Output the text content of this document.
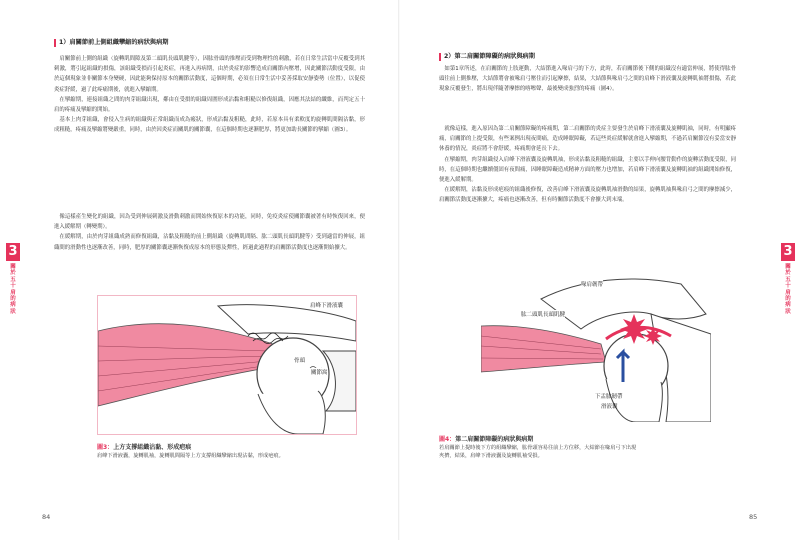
1）肩關節前上側組織攣縮的病狀與病期

肩關節前上側的組織（旋轉肌間隙及第二頭肌長頭肌腱等），因肱骨頭的推壓而受到物理性的刺激，若在日常生活當中反覆受到其刺激，將引起組織的損傷，該組織受損而引起炎症，再進入再病期，由於炎症的影響造成肩關節內壓增，因此關節活動度受限，由於這個現象並非關節本身變硬，因此能夠保持原本的關節活動度，這個時期，必須在日常生活中妥善採取安靜姿勢（位置），以促使炎症舒緩，過了此疼痛期後，就進入攣縮期。

在攣縮期，連接組織之間的肉芽組織出現，鄰由在受損的組織周圍形成沾黏和粗糙以修復組織，因應其法結的纖維，而判定五十肩的疼痛及攣縮的開始。

基本上肉芽組織，會侵入生病的組織與正常組織而成為瘢狀，形成沾黏及粗糙，此時，若原本具有柔軟度的旋轉肌間隔沾黏，形成粗糙，疼痛及攣縮將變嚴重，同時，由於因炎症而關肌的關節囊，在這個時期也逐漸肥厚，將更加助長關節的攣縮（圖3）。

像這樣產生變化的組織，因為受到伸展刺激及滑動刺激而開始恢復原本的功能，同時，免疫炎症使關節囊被著有時恢復回來，便進入緩解期（轉變期）。

在緩解期，由於肉芽組織成熟而修復組織，沾黏及粗糙的前上側組織（旋轉肌間隔、肱二頭肌長頭肌腱等）受到適當的伸展，組織間的滑動性也逐漸改善，同時，肥厚的關節囊逐漸恢復成原本的形態及彈性，經過此過程的肩關節活動度也逐漸開始擴大。

肩峰下滑液囊
骨頭
關節窩
圖3：上方支撐組織沾黏、形成疤痕
肩峰下滑液囊，旋轉肌袖，旋轉肌間隔等上方支撐組織攣縮出現沾黏，形成疤痕。
3
關於五十肩的病狀
84
2）第二肩關節障礙的病狀與病期

如第1章所述，在肩關節的上肢運動，大結節進入喙肩弓的下方，此時，若肩關節後下側的組織沒有適當伸展，將使得肱骨頭往前上側推壓，大結節將會被喙肩弓壓住而引起摩擦，結果，大結節與喙肩弓之間的肩峰下滑液囊及旋轉肌袖將損傷，若此現象反覆發生，將出現伴隨著摩擦的喀嚓聲，最後變成強烈的疼痛（圖4）。

就像這樣，進入原因為第二肩關節障礙的疼痛期，第二肩關節的炎症主要發生於肩峰下滑液囊及旋轉肌袖，同時，有明顯疼痛，肩關節的上提受限，有些案例出現夜間痛，造成睡眠障礙，若這些炎症緩解就會進入攣縮期，不過若肩關節沒有妥當安靜休養的情況，炎症將不會舒緩，疼痛期會延長下去。

在攣縮期，肉芽組織侵入肩峰下滑液囊及旋轉肌袖，形成沾黏及粗糙的組織，主要以手伸向腰背動作的旋轉活動度受限，同時，在這個時期也繼續僵固有夜間痛，因睡眠障礙造成精神方面的壓力也增加，若肩峰下滑液囊及旋轉肌袖的組織開始修復，便進入緩解期。

在緩解期，沾黏及形成疤痕的組織後修復，改善肩峰下滑液囊及旋轉肌袖滑動的結果，旋轉肌袖與喙肩弓之間的摩擦減少，肩關節活動度逐漸擴大，疼痛也逐漸改善，但有時關節活動度不會擴大到末端。

喙肩韌帶
肱二頭肌長頭肌腱
下盂肱韌帶
滑液囊
圖4：第二肩關節障礙的病狀與病期
若肩關節上提時後下方的組織攣縮，肱骨頭容易往前上方位移，大結節在喙肩弓下出現夾擠，結果，肩峰下滑液囊及旋轉肌袖受損。
3
關於五十肩的病狀
85
